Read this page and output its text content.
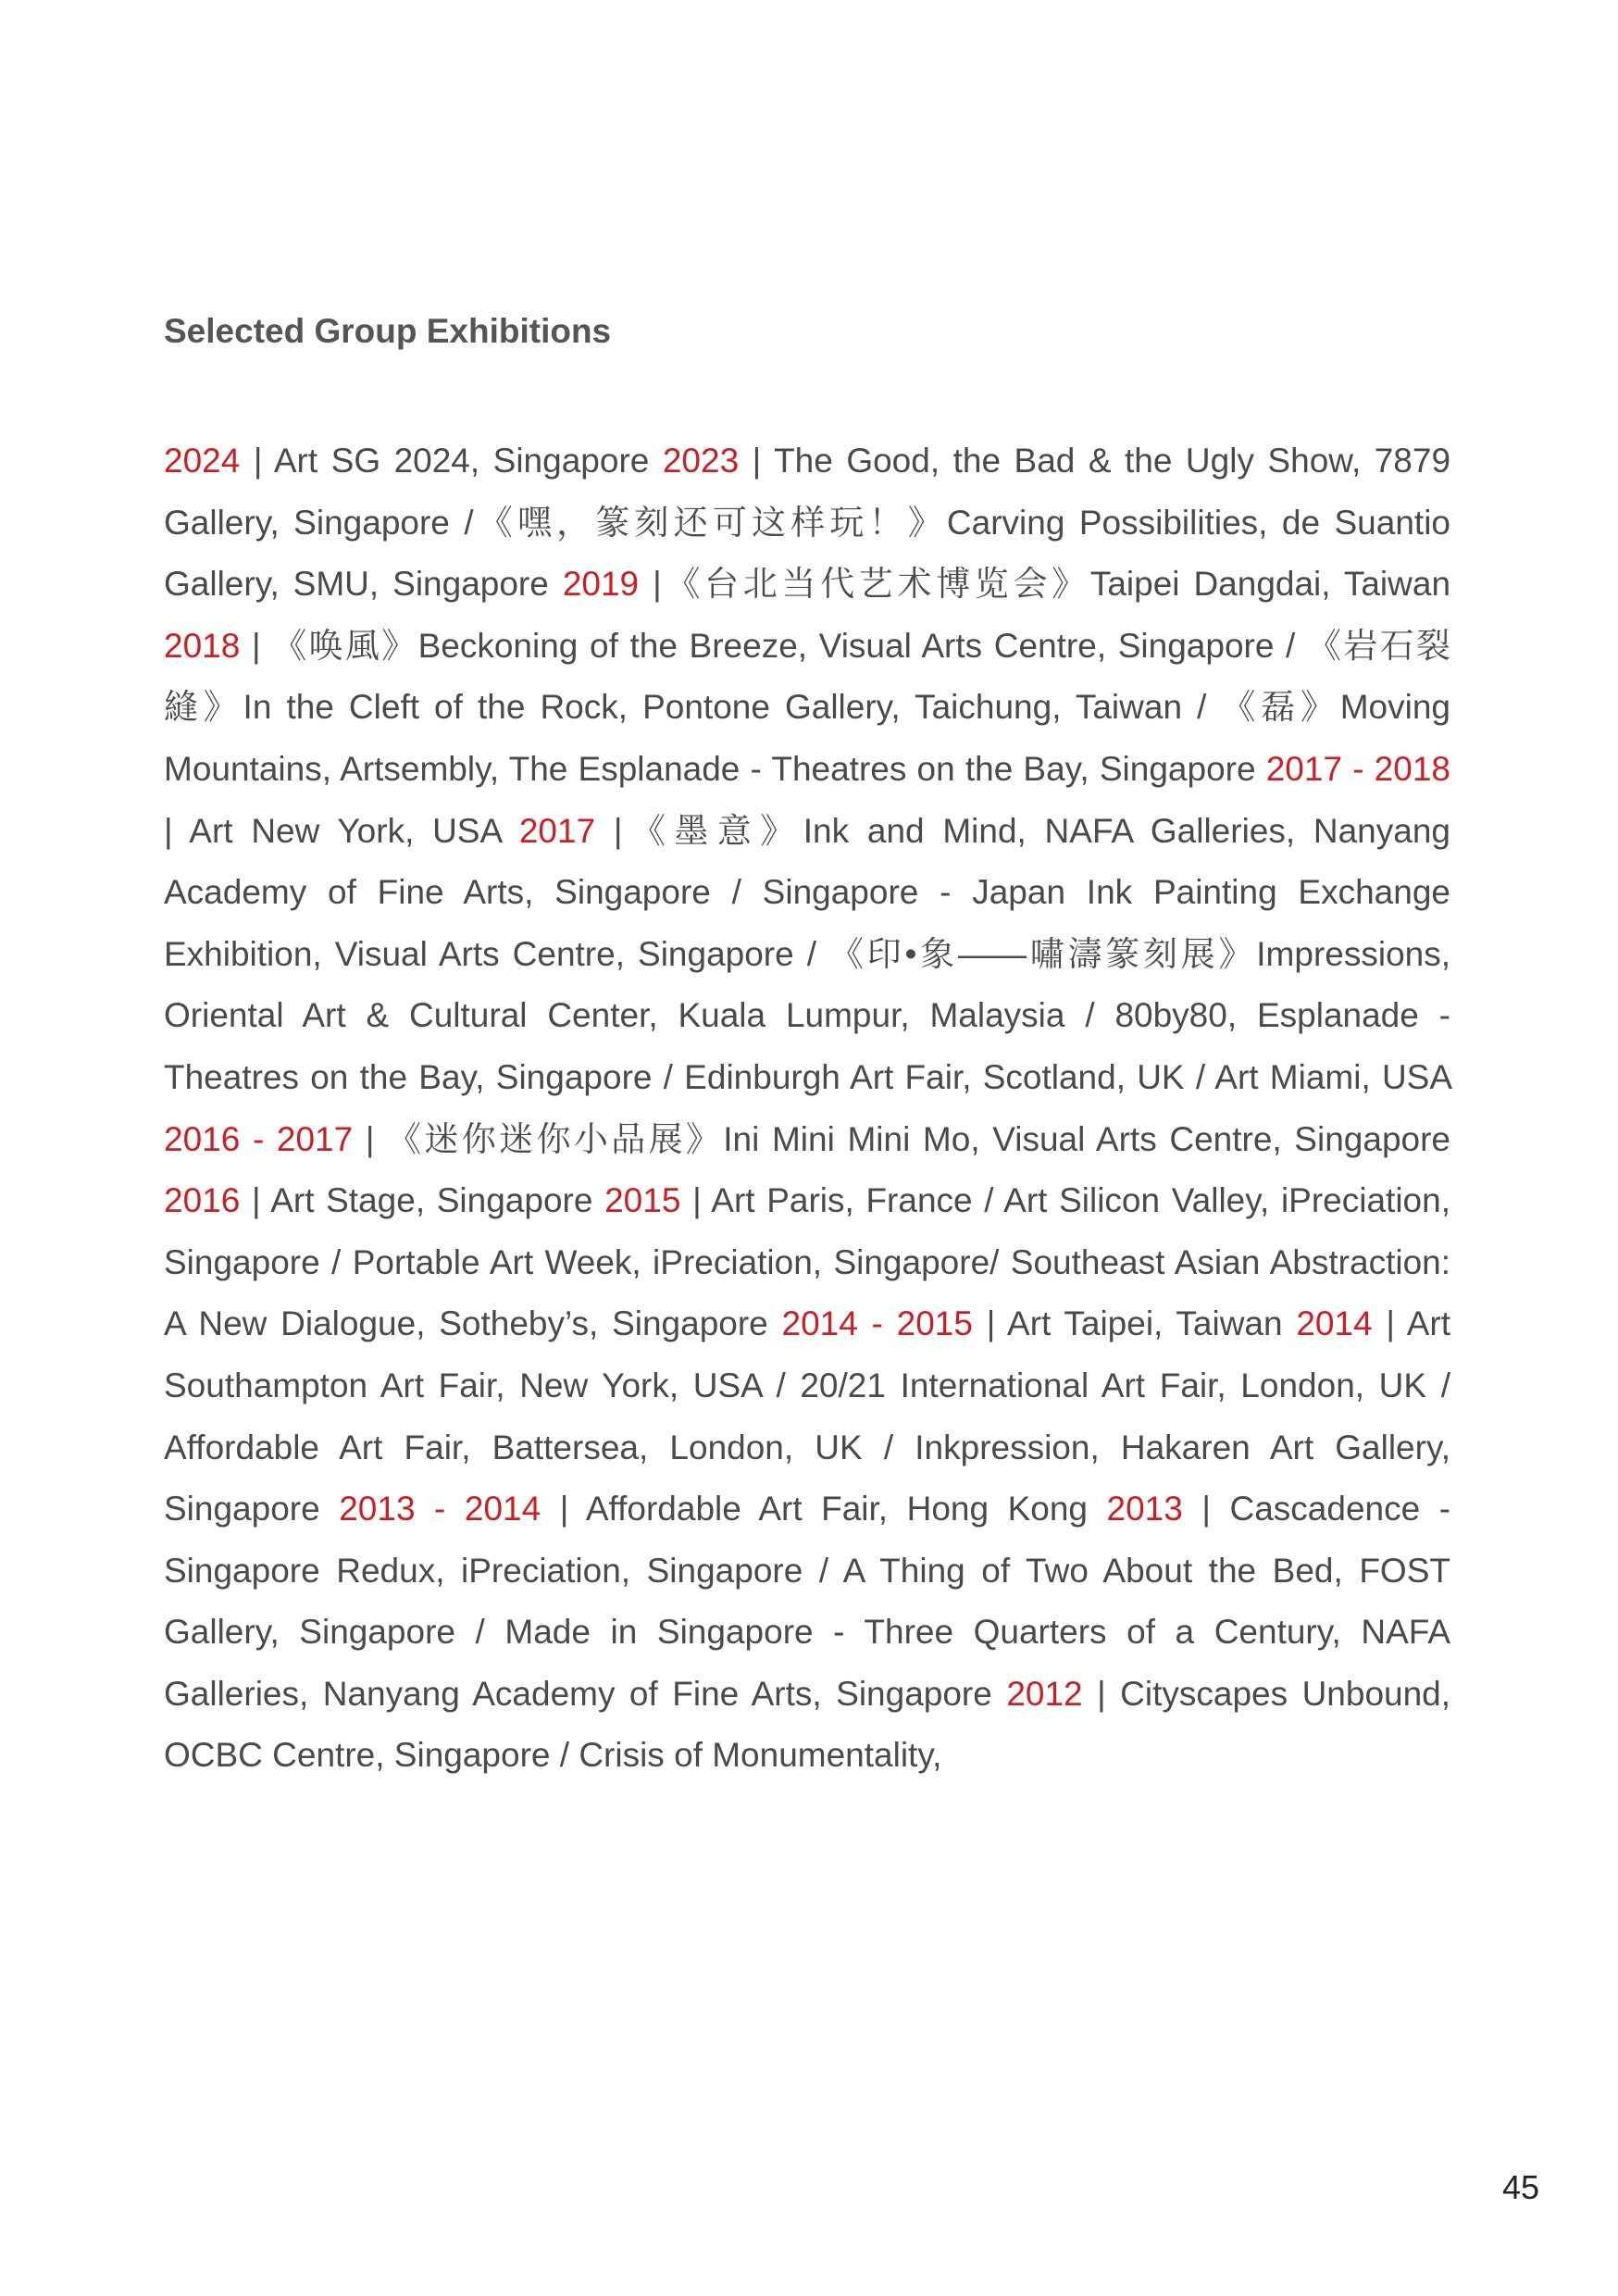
Selected Group Exhibitions

2024 | Art SG 2024, Singapore 2023 | The Good, the Bad & the Ugly Show, 7879 Gallery, Singapore /《嘿，篆刻还可这样玩！》Carving Possibilities, de Suantio Gallery, SMU, Singapore 2019 |《台北当代艺术博览会》Taipei Dangdai, Taiwan 2018 | 《唤風》Beckoning of the Breeze, Visual Arts Centre, Singapore / 《岩石裂縫》In the Cleft of the Rock, Pontone Gallery, Taichung, Taiwan / 《磊》Moving Mountains, Artsembly, The Esplanade - Theatres on the Bay, Singapore 2017 - 2018 | Art New York, USA 2017 |《墨意》Ink and Mind, NAFA Galleries, Nanyang Academy of Fine Arts, Singapore / Singapore - Japan Ink Painting Exchange Exhibition, Visual Arts Centre, Singapore / 《印•象——嘯濤篆刻展》Impressions, Oriental Art & Cultural Center, Kuala Lumpur, Malaysia / 80by80, Esplanade - Theatres on the Bay, Singapore / Edinburgh Art Fair, Scotland, UK / Art Miami, USA 2016 - 2017 | 《迷你迷你小品展》Ini Mini Mini Mo, Visual Arts Centre, Singapore 2016 | Art Stage, Singapore 2015 | Art Paris, France / Art Silicon Valley, iPreciation, Singapore / Portable Art Week, iPreciation, Singapore/ Southeast Asian Abstraction: A New Dialogue, Sotheby’s, Singapore 2014 - 2015 | Art Taipei, Taiwan 2014 | Art Southampton Art Fair, New York, USA / 20/21 International Art Fair, London, UK / Affordable Art Fair, Battersea, London, UK / Inkpression, Hakaren Art Gallery, Singapore 2013 - 2014 | Affordable Art Fair, Hong Kong 2013 | Cascadence - Singapore Redux, iPreciation, Singapore / A Thing of Two About the Bed, FOST Gallery, Singapore / Made in Singapore - Three Quarters of a Century, NAFA Galleries, Nanyang Academy of Fine Arts, Singapore 2012 | Cityscapes Unbound, OCBC Centre, Singapore / Crisis of Monumentality,

45
